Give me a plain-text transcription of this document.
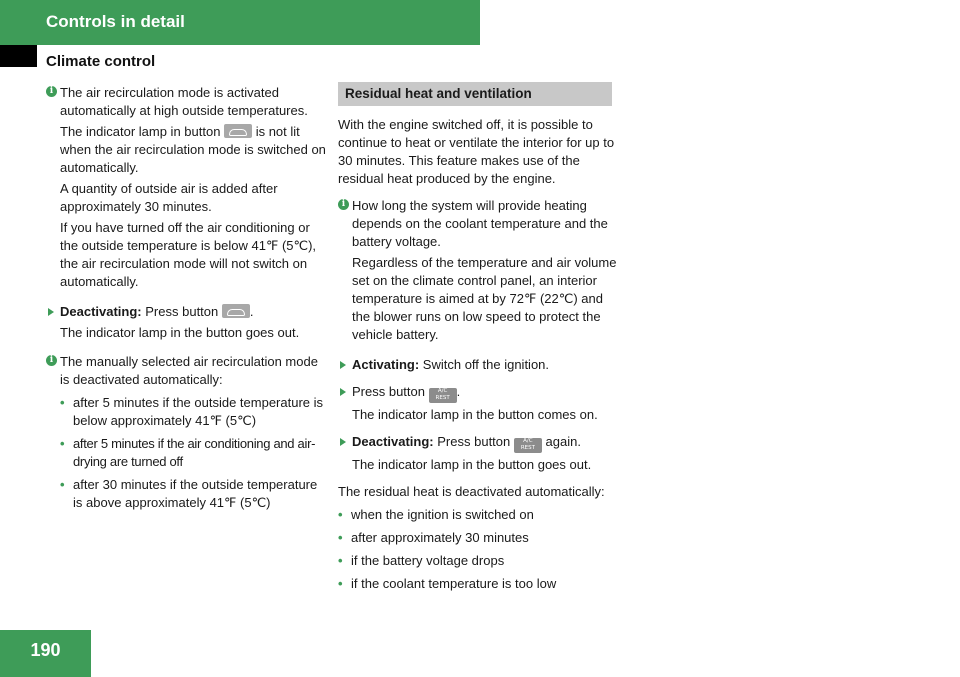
Controls in detail
Climate control
i The air recirculation mode is activated automatically at high outside temperatures.

The indicator lamp in button	is not lit when the air recirculation mode is switched on automatically.

A quantity of outside air is added after approximately 30 minutes.

If you have turned off the air conditioning or the outside temperature is below 41℉ (5℃), the air recirculation mode will not switch on automatically.

Deactivating: Press button .

The indicator lamp in the button goes out.

i The manually selected air recirculation mode is deactivated automatically:

• after 5 minutes if the outside temperature is below approximately 41℉ (5℃)
• after 5 minutes if the air conditioning and air-drying are turned off
• after 30 minutes if the outside temperature is above approximately 41℉ (5℃)
Residual heat and ventilation

With the engine switched off, it is possible to continue to heat or ventilate the interior for up to 30 minutes. This feature makes use of the residual heat produced by the engine.

i How long the system will provide heating depends on the coolant temperature and the battery voltage.

Regardless of the temperature and air volume set on the climate control panel, an interior temperature is aimed at by 72℉ (22℃) and the blower runs on low speed to protect the vehicle battery.

Activating: Switch off the ignition.
Press button A/C
REST .

The indicator lamp in the button comes on.

Deactivating: Press button A/C
REST again.

The indicator lamp in the button goes out.

The residual heat is deactivated automatically:

• when the ignition is switched on
• after approximately 30 minutes
• if the battery voltage drops
• if the coolant temperature is too low
190
